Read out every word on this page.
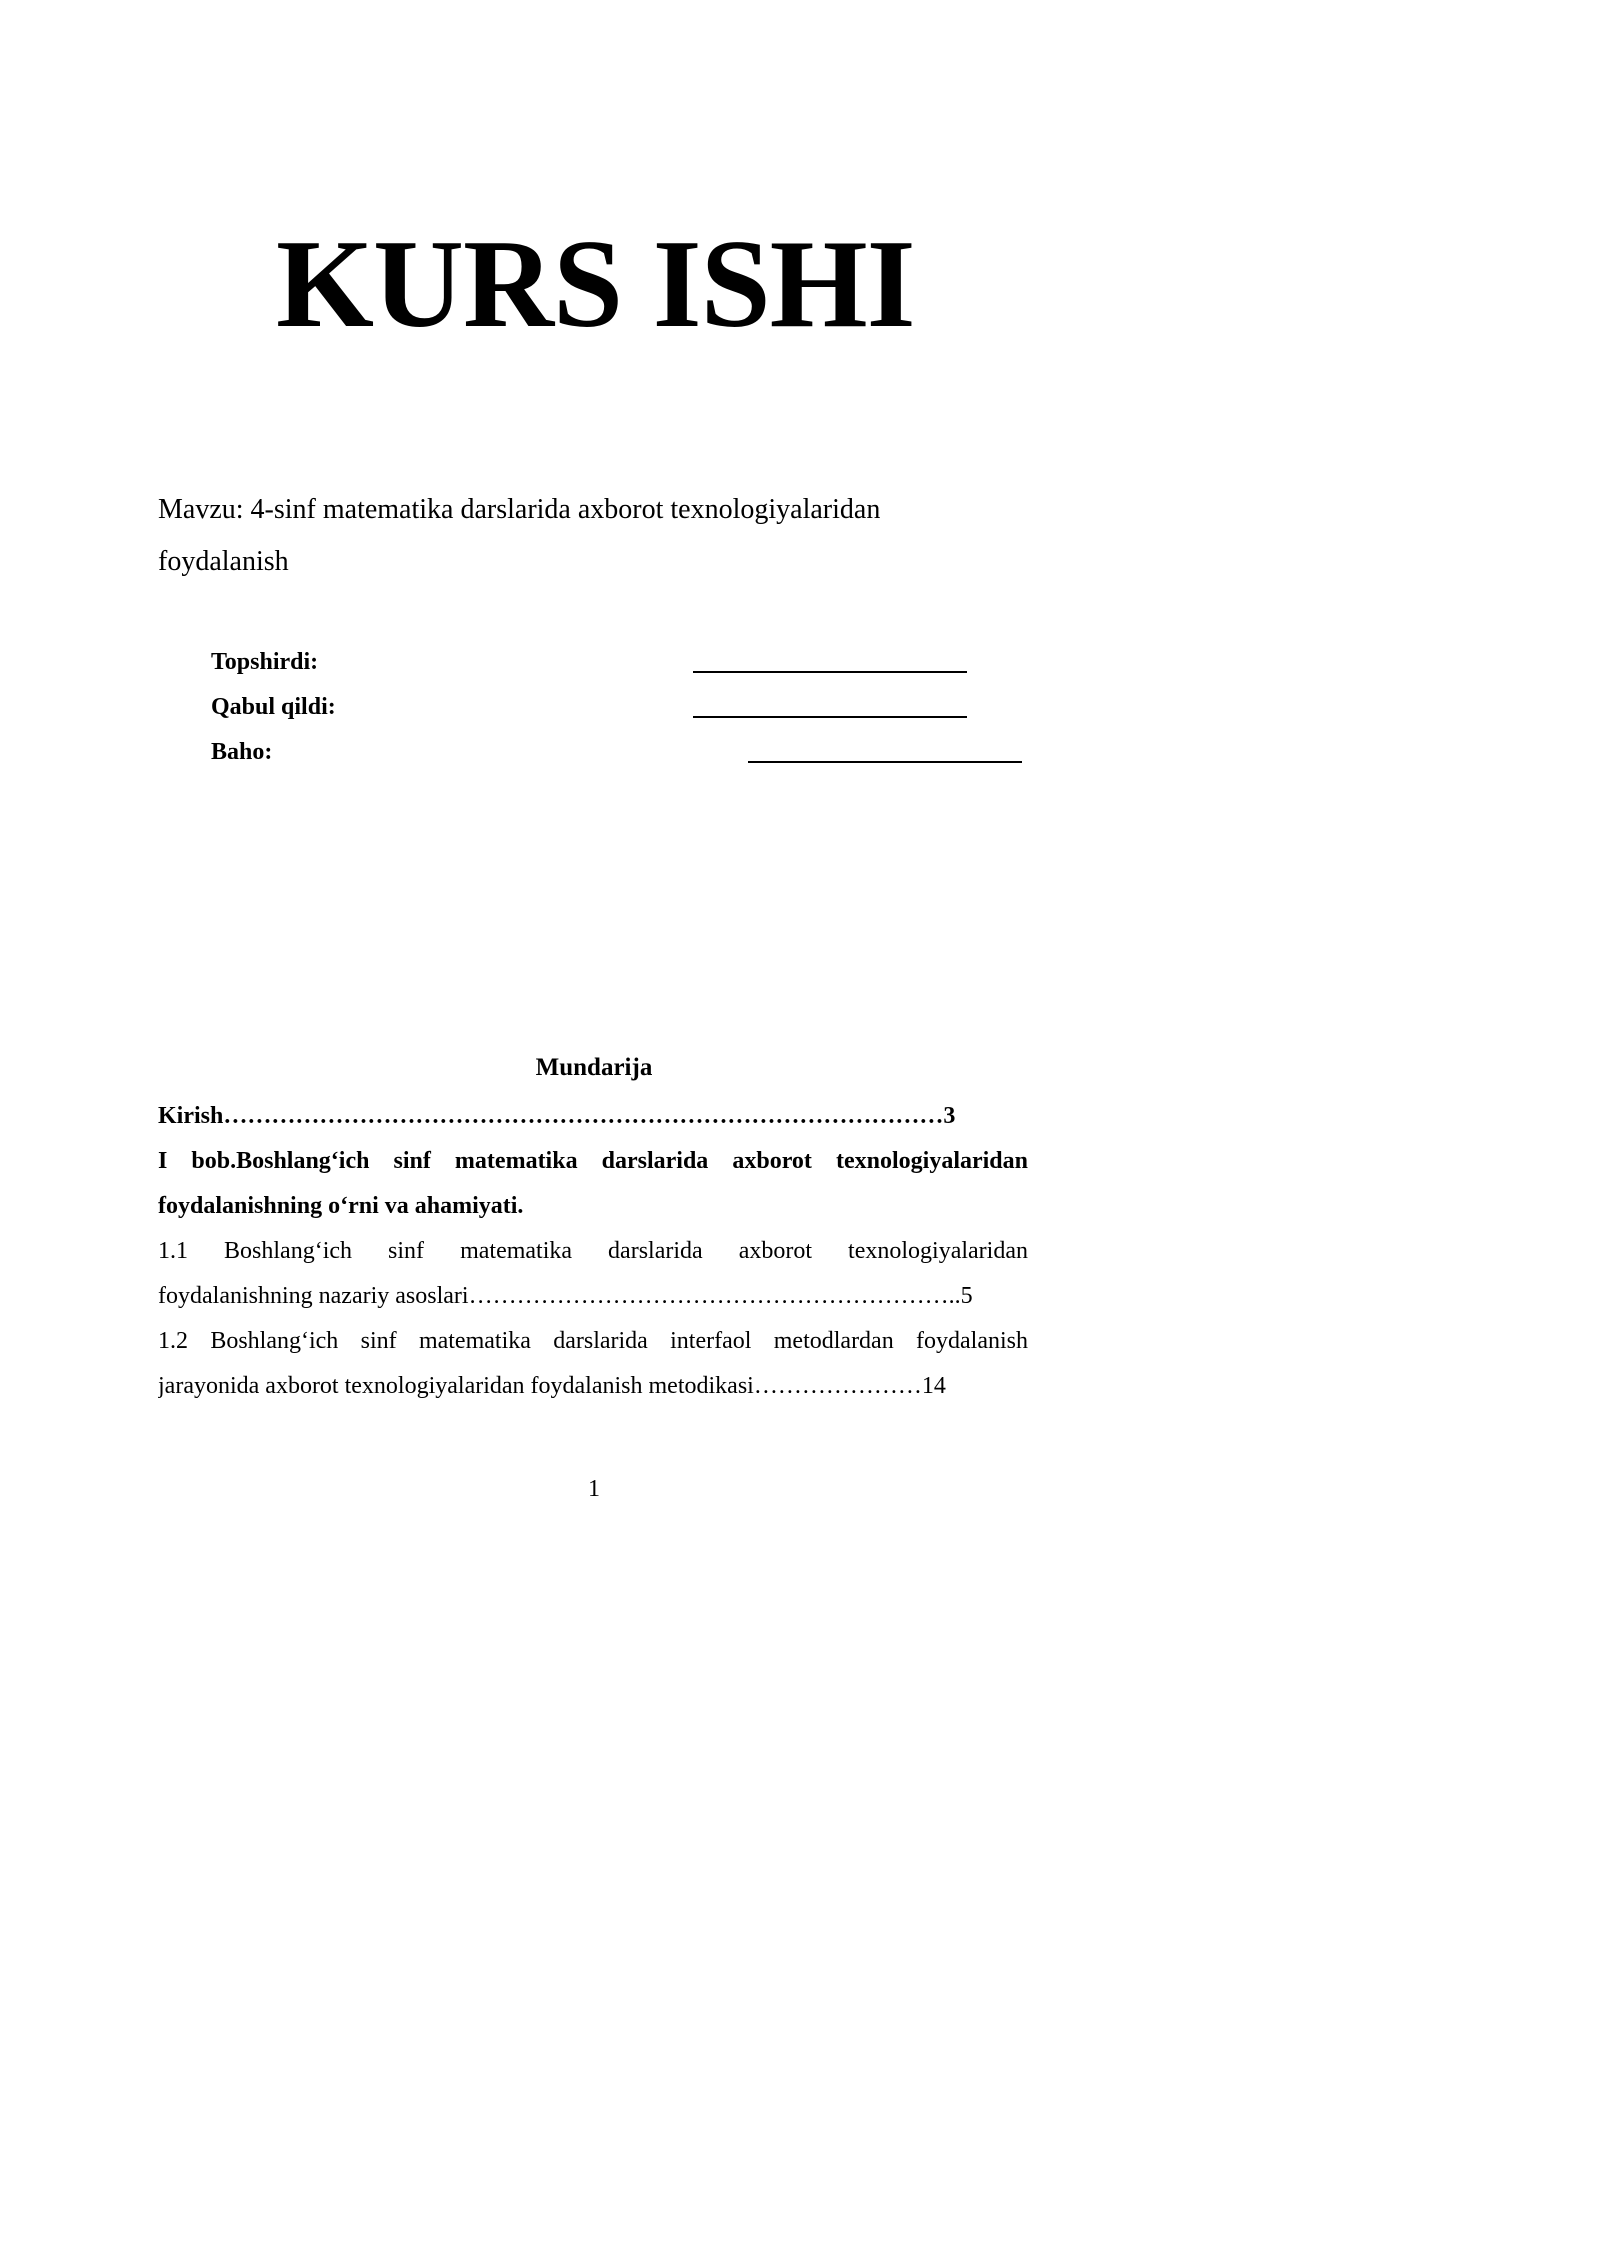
KURS ISHI
Mavzu: 4-sinf matematika darslarida axborot texnologiyalaridan
foydalanish
Topshirdi:
Qabul qildi:
Baho:
Mundarija
Kirish………………………………………………………………………………3
I bob.Boshlang‘ich sinf matematika darslarida axborot texnologiyalaridan
foydalanishning o‘rni va ahamiyati.
1.1 Boshlang‘ich sinf matematika darslarida axborot texnologiyalaridan
foydalanishning nazariy asoslari……………………………………………………..5
1.2 Boshlang‘ich sinf matematika darslarida interfaol metodlardan foydalanish
jarayonida axborot texnologiyalaridan foydalanish metodikasi…………………14
1
